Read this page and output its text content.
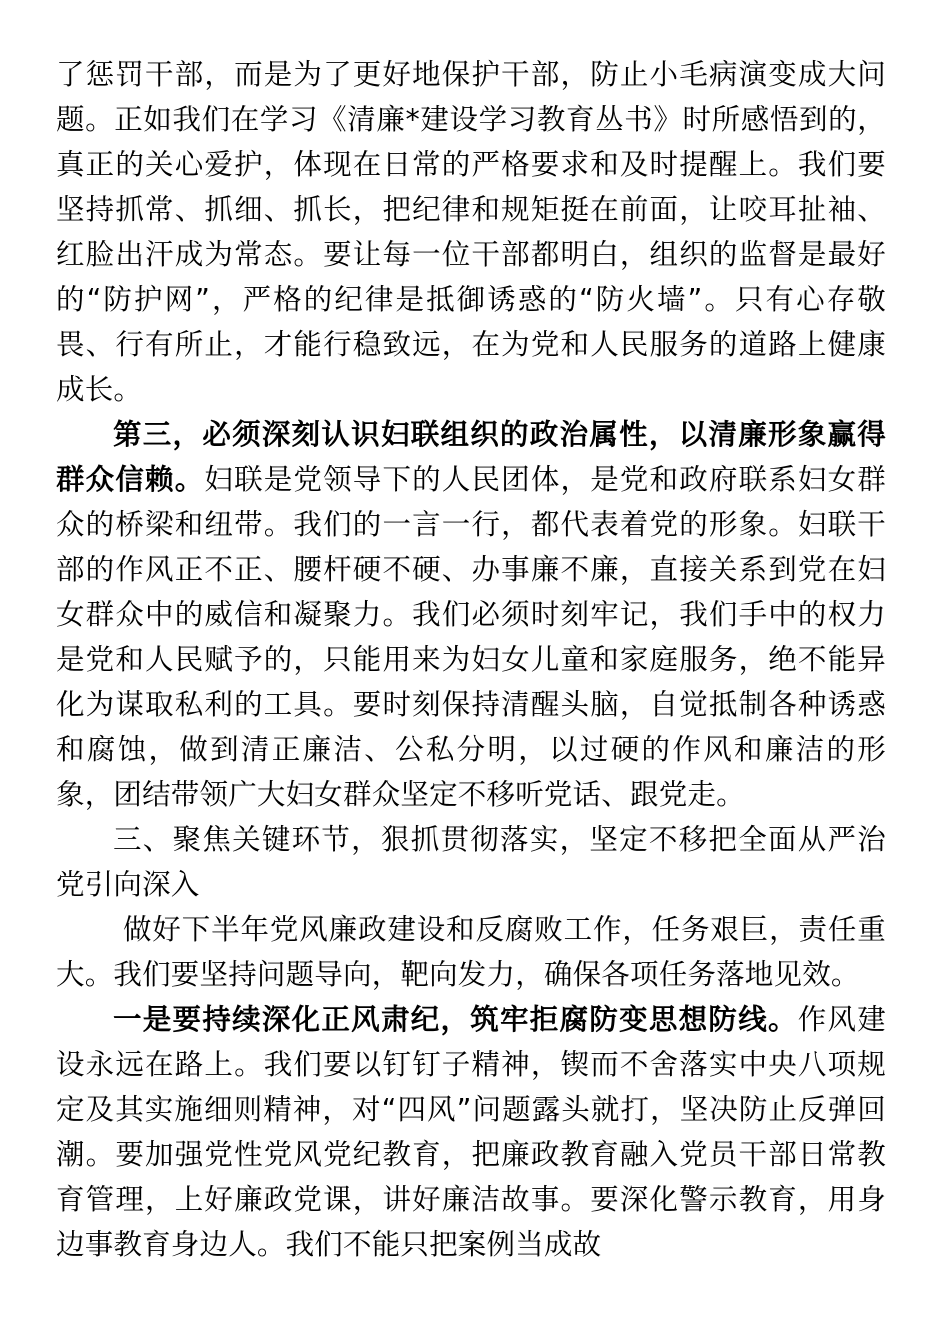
了惩罚干部，而是为了更好地保护干部，防止小毛病演变成大问题。正如我们在学习《清廉*建设学习教育丛书》时所感悟到的，真正的关心爱护，体现在日常的严格要求和及时提醒上。我们要坚持抓常、抓细、抓长，把纪律和规矩挺在前面，让咬耳扯袖、红脸出汗成为常态。要让每一位干部都明白，组织的监督是最好的“防护网”，严格的纪律是抵御诱惑的“防火墙”。只有心存敬畏、行有所止，才能行稳致远，在为党和人民服务的道路上健康成长。

第三，必须深刻认识妇联组织的政治属性，以清廉形象赢得群众信赖。妇联是党领导下的人民团体，是党和政府联系妇女群众的桥梁和纽带。我们的一言一行，都代表着党的形象。妇联干部的作风正不正、腰杆硬不硬、办事廉不廉，直接关系到党在妇女群众中的威信和凝聚力。我们必须时刻牢记，我们手中的权力是党和人民赋予的，只能用来为妇女儿童和家庭服务，绝不能异化为谋取私利的工具。要时刻保持清醒头脑，自觉抵制各种诱惑和腐蚀，做到清正廉洁、公私分明，以过硬的作风和廉洁的形象，团结带领广大妇女群众坚定不移听党话、跟党走。

三、聚焦关键环节，狠抓贯彻落实，坚定不移把全面从严治党引向深入

做好下半年党风廉政建设和反腐败工作，任务艰巨，责任重大。我们要坚持问题导向，靶向发力，确保各项任务落地见效。

一是要持续深化正风肃纪，筑牢拒腐防变思想防线。作风建设永远在路上。我们要以钉钉子精神，锲而不舍落实中央八项规定及其实施细则精神，对“四风”问题露头就打，坚决防止反弹回潮。要加强党性党风党纪教育，把廉政教育融入党员干部日常教育管理，上好廉政党课，讲好廉洁故事。要深化警示教育，用身边事教育身边人。我们不能只把案例当成故
